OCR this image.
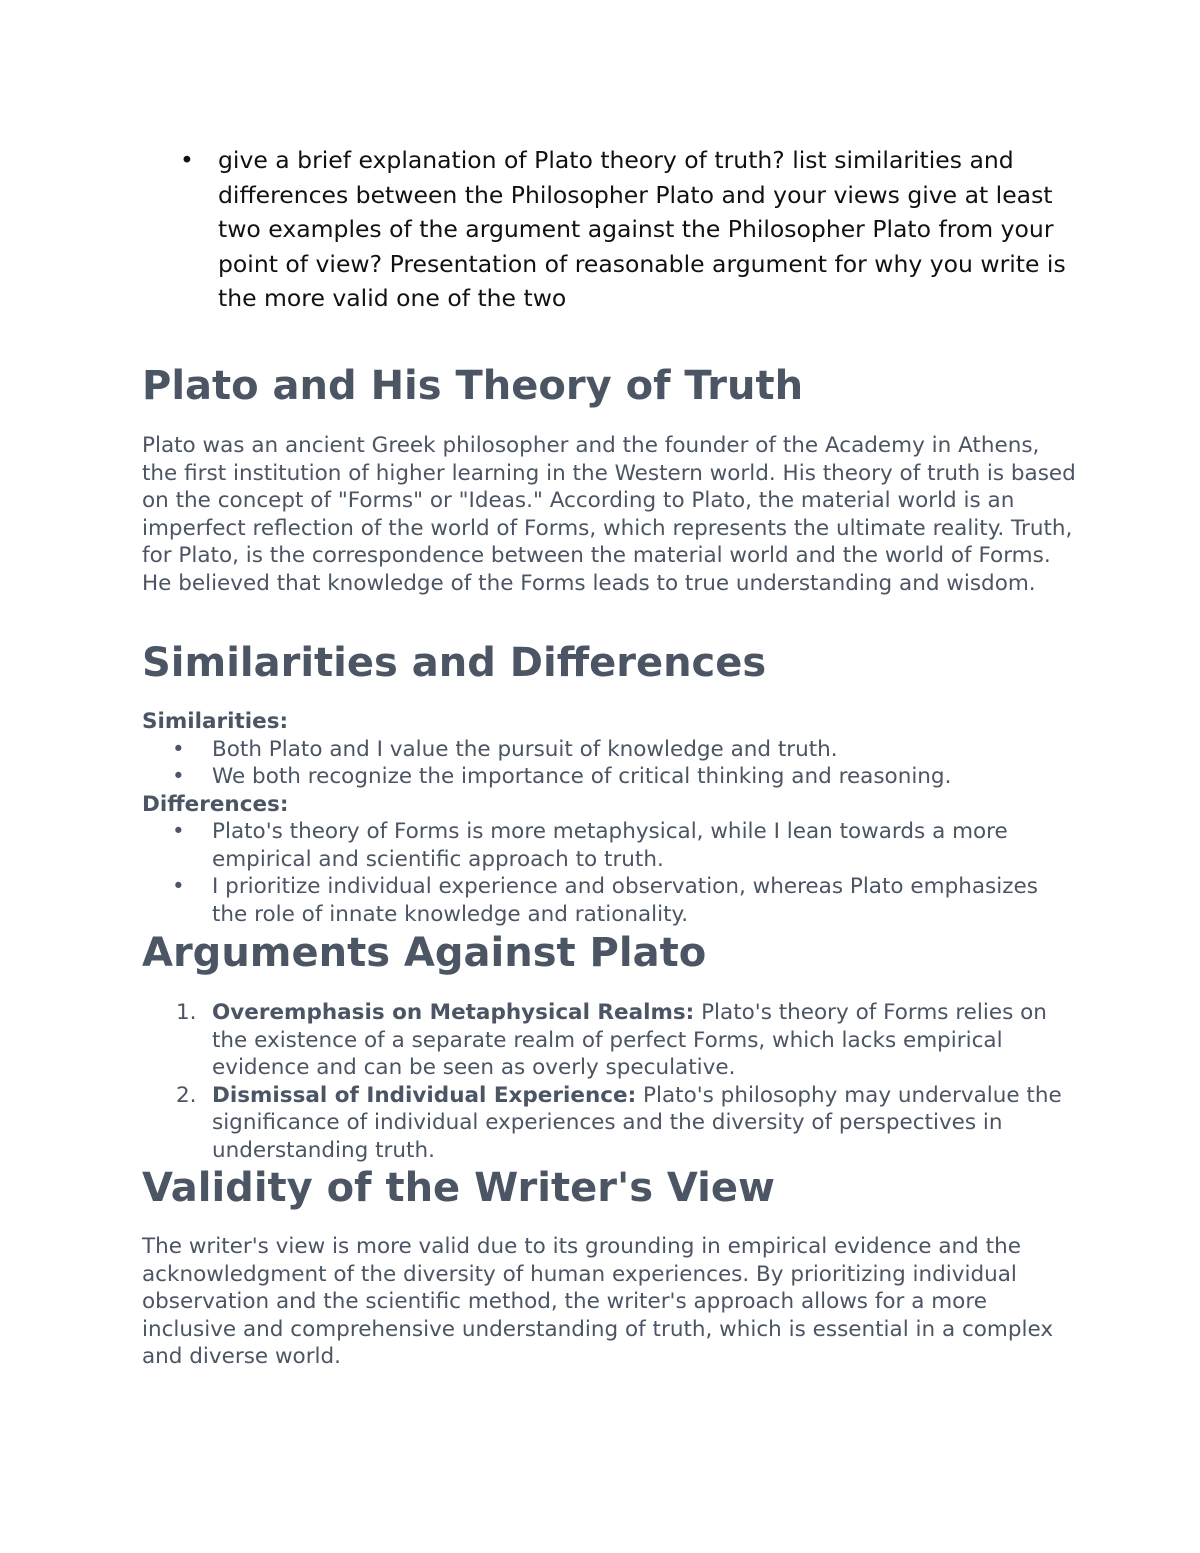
• give a brief explanation of Plato theory of truth? list similarities and differences between the Philosopher Plato and your views give at least two examples of the argument against the Philosopher Plato from your point of view? Presentation of reasonable argument for why you write is the more valid one of the two
Plato and His Theory of Truth

Plato was an ancient Greek philosopher and the founder of the Academy in Athens, the first institution of higher learning in the Western world. His theory of truth is based on the concept of "Forms" or "Ideas." According to Plato, the material world is an imperfect reflection of the world of Forms, which represents the ultimate reality. Truth, for Plato, is the correspondence between the material world and the world of Forms. He believed that knowledge of the Forms leads to true understanding and wisdom.

Similarities and Differences
Similarities:
• Both Plato and I value the pursuit of knowledge and truth.
• We both recognize the importance of critical thinking and reasoning.
Differences:
• Plato's theory of Forms is more metaphysical, while I lean towards a more empirical and scientific approach to truth.
• I prioritize individual experience and observation, whereas Plato emphasizes the role of innate knowledge and rationality.
Arguments Against Plato
1. Overemphasis on Metaphysical Realms: Plato's theory of Forms relies on the existence of a separate realm of perfect Forms, which lacks empirical evidence and can be seen as overly speculative.
2. Dismissal of Individual Experience: Plato's philosophy may undervalue the significance of individual experiences and the diversity of perspectives in understanding truth.
Validity of the Writer's View

The writer's view is more valid due to its grounding in empirical evidence and the acknowledgment of the diversity of human experiences. By prioritizing individual observation and the scientific method, the writer's approach allows for a more inclusive and comprehensive understanding of truth, which is essential in a complex and diverse world.
